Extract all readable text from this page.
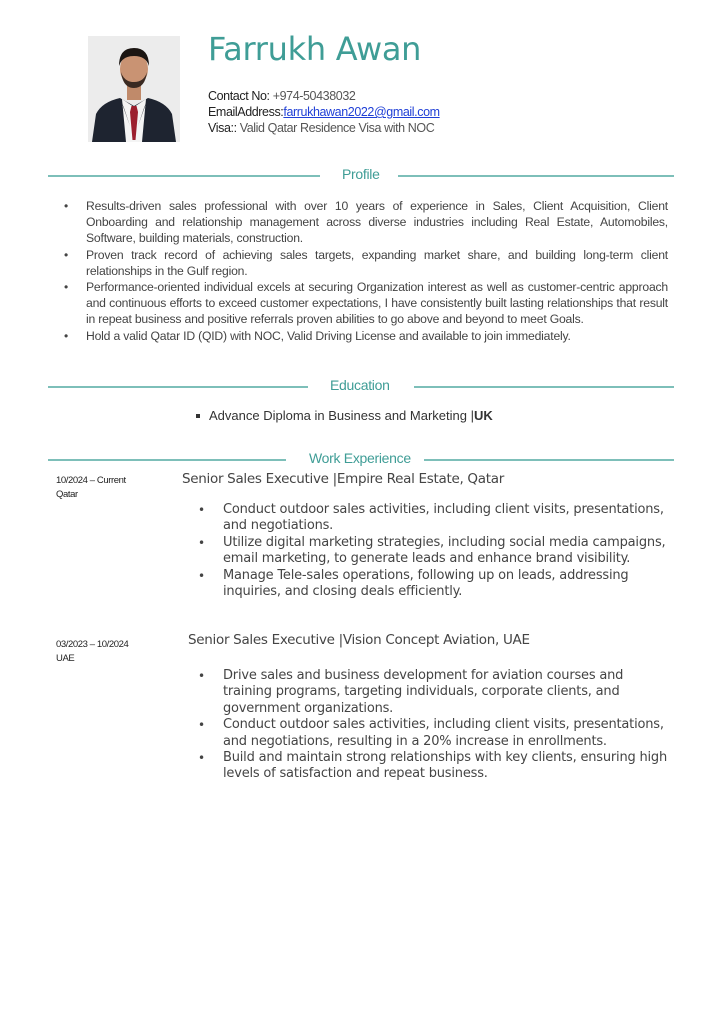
Farrukh Awan
Contact No: +974-50438032
EmailAddress:farrukhawan2022@gmail.com
Visa:: Valid Qatar Residence Visa with NOC
Profile
• Results-driven sales professional with over 10 years of experience in Sales, Client Acquisition, Client Onboarding and relationship management across diverse industries including Real Estate, Automobiles, Software, building materials, construction.
• Proven track record of achieving sales targets, expanding market share, and building long-term client relationships in the Gulf region.
• Performance-oriented individual excels at securing Organization interest as well as customer-centric approach and continuous efforts to exceed customer expectations, I have consistently built lasting relationships that result in repeat business and positive referrals proven abilities to go above and beyond to meet Goals.
• Hold a valid Qatar ID (QID) with NOC, Valid Driving License and available to join immediately.
Education
Advance Diploma in Business and Marketing |UK
Work Experience
10/2024 – Current
Qatar
Senior Sales Executive |Empire Real Estate, Qatar
• Conduct outdoor sales activities, including client visits, presentations, and negotiations.
• Utilize digital marketing strategies, including social media campaigns, email marketing, to generate leads and enhance brand visibility.
• Manage Tele-sales operations, following up on leads, addressing inquiries, and closing deals efficiently.
03/2023 – 10/2024
UAE
Senior Sales Executive |Vision Concept Aviation, UAE
• Drive sales and business development for aviation courses and training programs, targeting individuals, corporate clients, and government organizations.
• Conduct outdoor sales activities, including client visits, presentations, and negotiations, resulting in a 20% increase in enrollments.
• Build and maintain strong relationships with key clients, ensuring high levels of satisfaction and repeat business.
